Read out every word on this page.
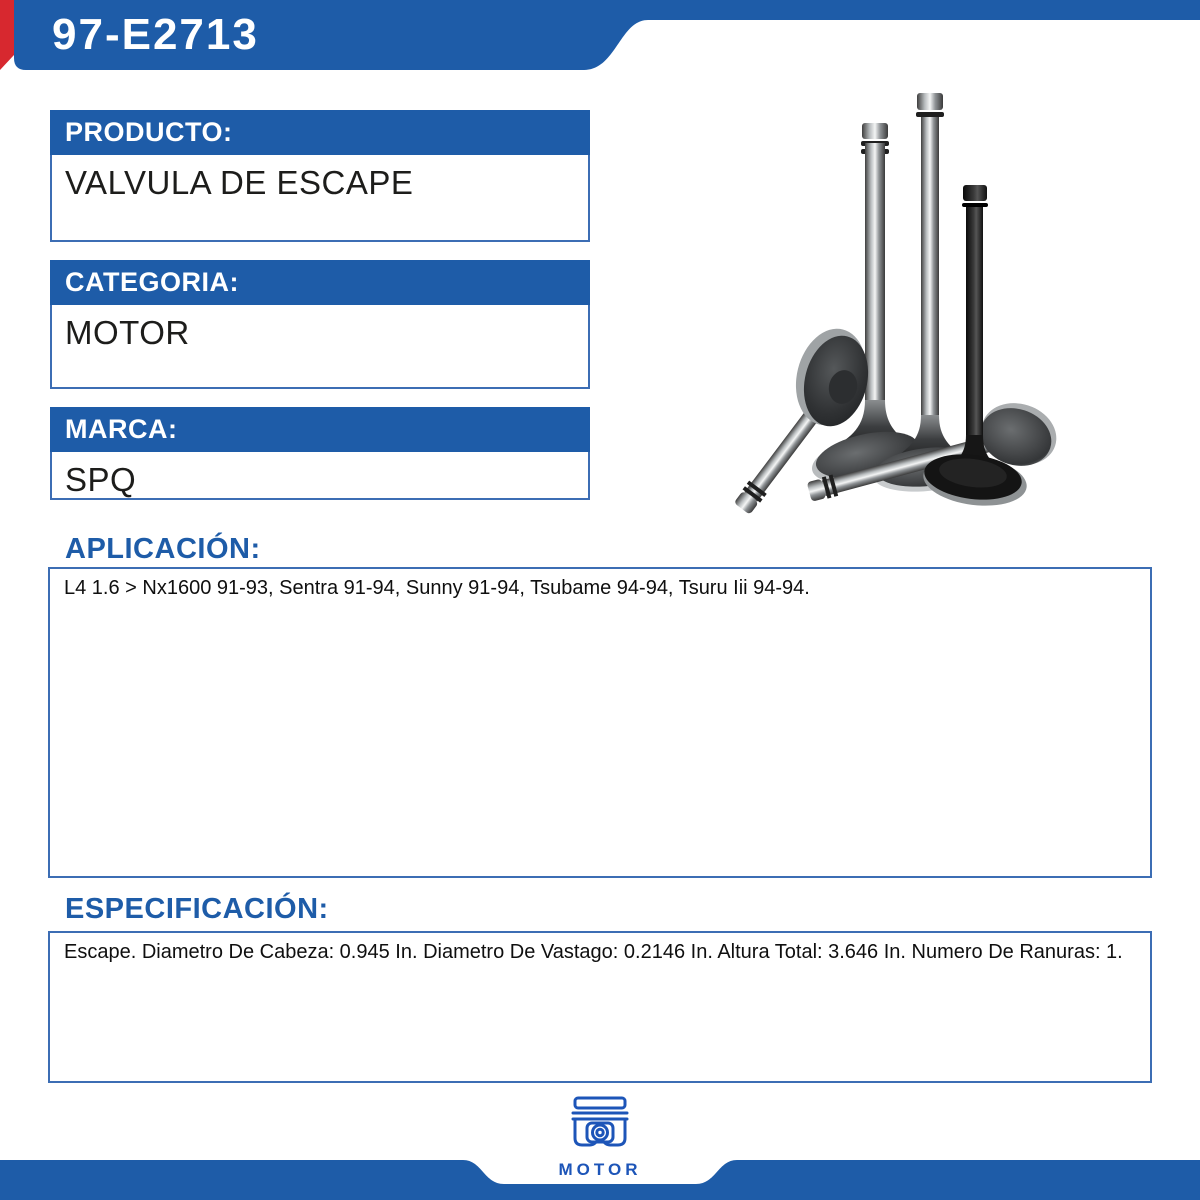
97-E2713
PRODUCTO:
VALVULA DE ESCAPE
CATEGORIA:
MOTOR
MARCA:
SPQ
APLICACIÓN:
L4 1.6 > Nx1600 91-93, Sentra 91-94, Sunny 91-94, Tsubame 94-94, Tsuru Iii 94-94.
ESPECIFICACIÓN:
Escape. Diametro De Cabeza: 0.945 In. Diametro De Vastago: 0.2146 In. Altura Total: 3.646 In. Numero De Ranuras: 1.
MOTOR
